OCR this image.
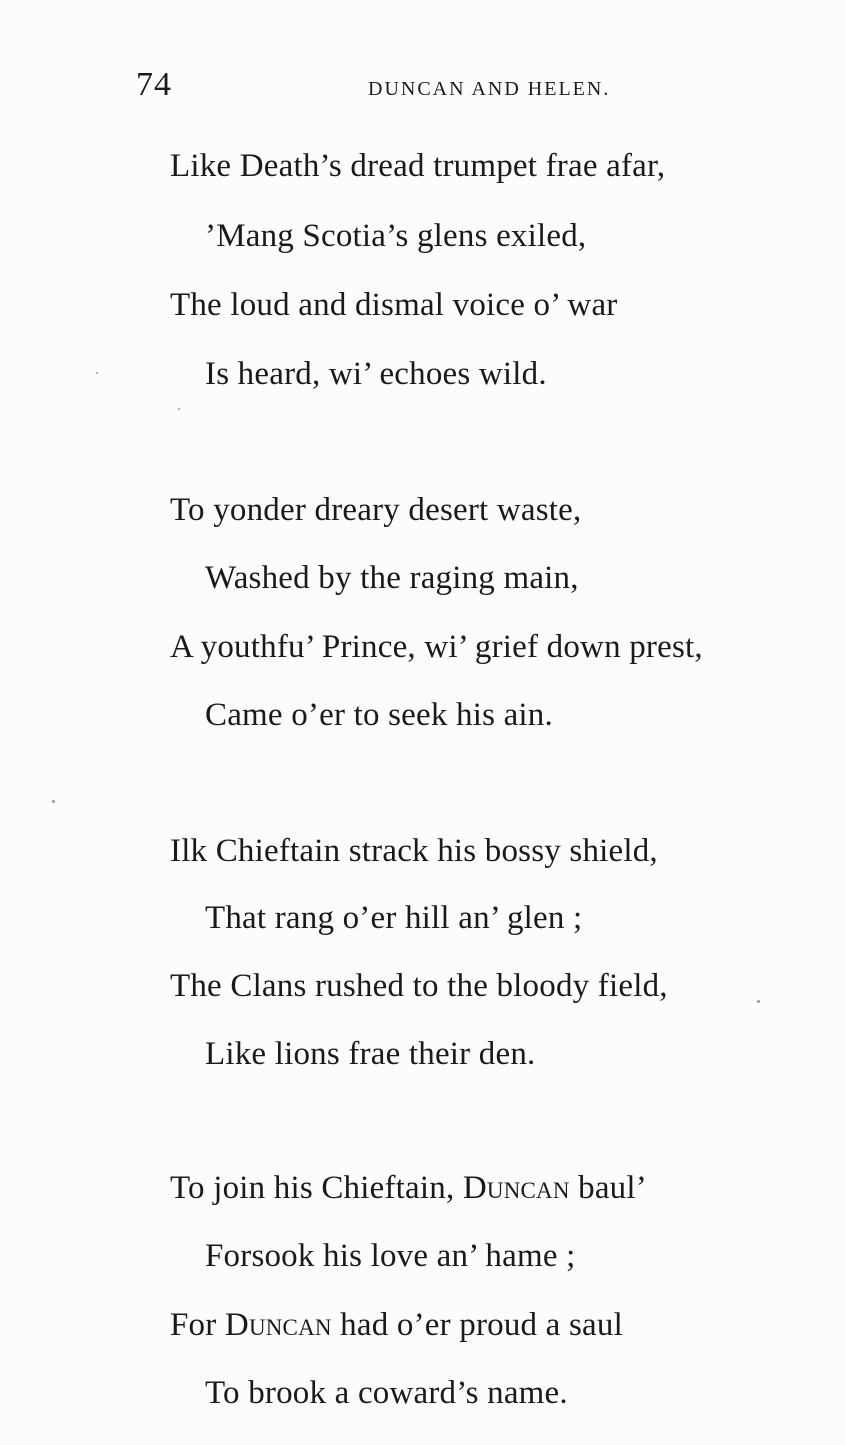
74	DUNCAN AND HELEN.
Like Death’s dread trumpet frae afar,
’Mang Scotia’s glens exiled,
The loud and dismal voice o’ war
Is heard, wi’ echoes wild.
To yonder dreary desert waste,
Washed by the raging main,
A youthfu’ Prince, wi’ grief down prest,
Came o’er to seek his ain.
Ilk Chieftain strack his bossy shield,
That rang o’er hill an’ glen ;
The Clans rushed to the bloody field,
Like lions frae their den.
To join his Chieftain, Duncan baul’
Forsook his love an’ hame ;
For Duncan had o’er proud a saul
To brook a coward’s name.
